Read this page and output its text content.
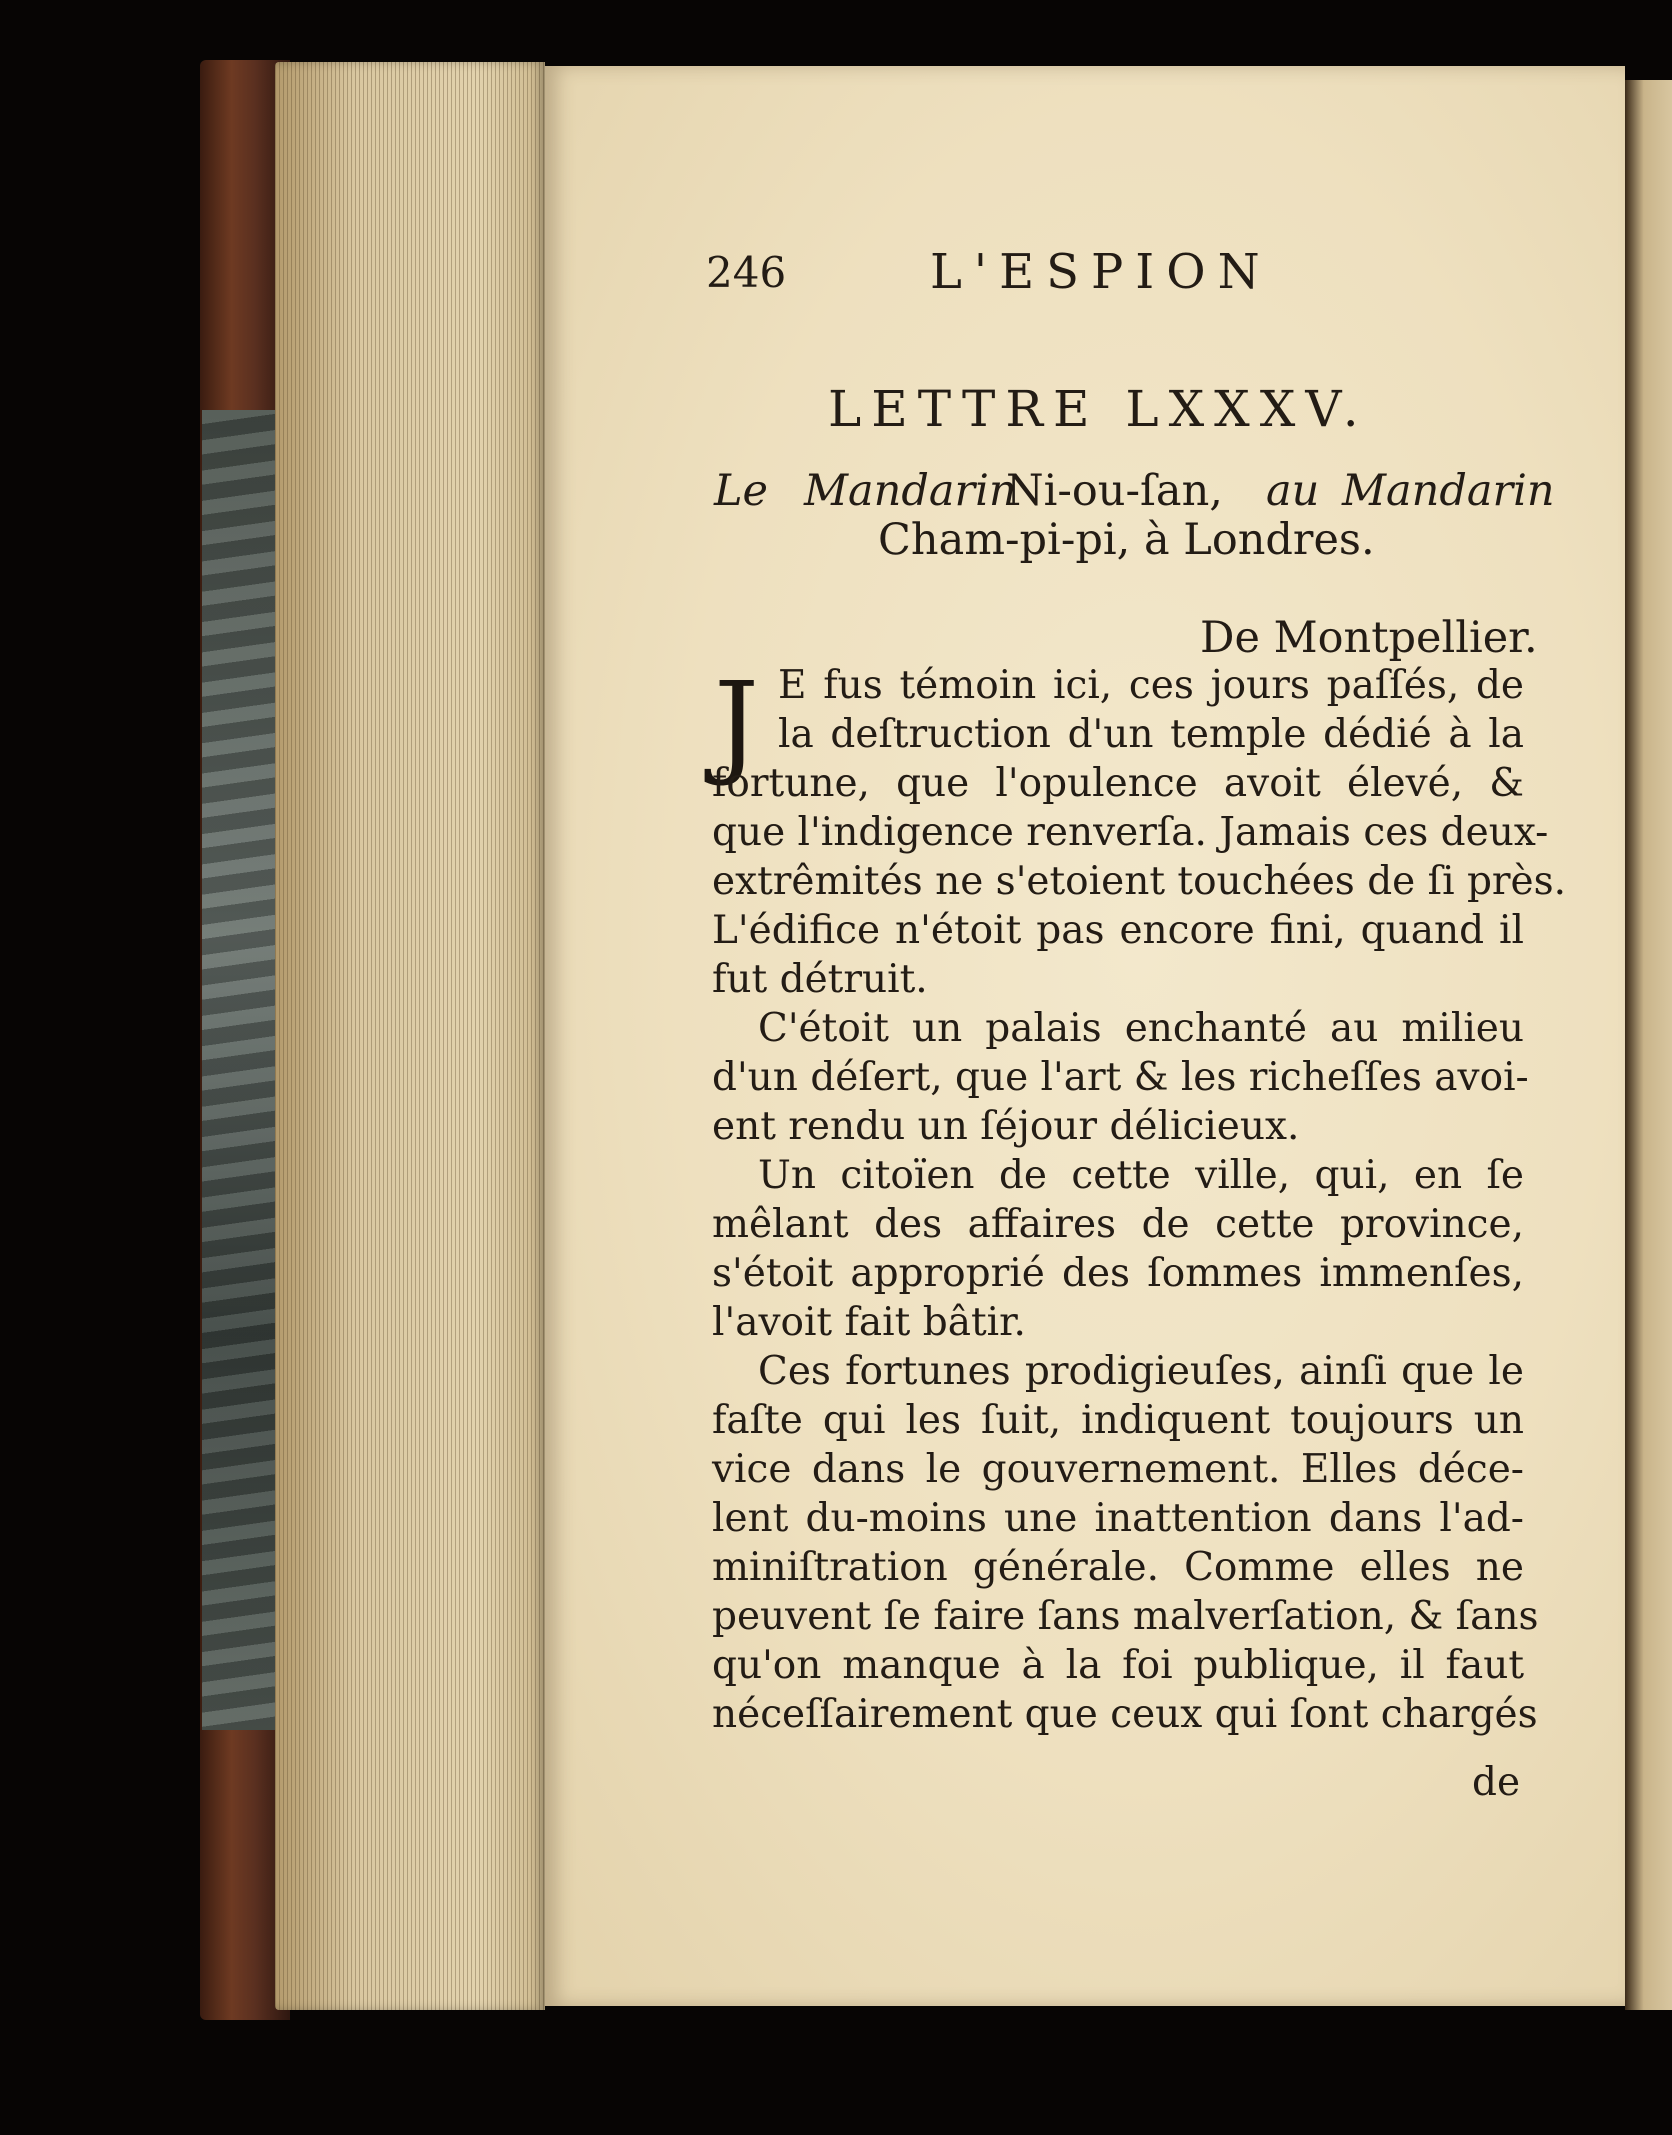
246	L'ESPION
LETTRE LXXXV.
Le Mandarin
Ni-ou-ſan, au Mandarin
Cham-pi-pi, à Londres.
De Montpellier.
J E fus témoin ici, ces jours paſſés, de
la deſtruction d'un temple dédié à la
fortune, que l'opulence avoit élevé, &
que l'indigence renverſa. Jamais ces deux-
extrêmités ne s'etoient touchées de ſi près.
L'édifice n'étoit pas encore fini, quand il
fut détruit.
C'étoit un palais enchanté au milieu
d'un déſert, que l'art & les richeſſes avoi-
ent rendu un ſéjour délicieux.
Un citoïen de cette ville, qui, en ſe
mêlant des affaires de cette province,
s'étoit approprié des ſommes immenſes,
l'avoit fait bâtir.
Ces fortunes prodigieuſes, ainſi que le
faſte qui les ſuit, indiquent toujours un
vice dans le gouvernement. Elles déce-
lent du-moins une inattention dans l'ad-
miniſtration générale. Comme elles ne
peuvent ſe faire ſans malverſation, & ſans
qu'on manque à la foi publique, il faut
néceſſairement que ceux qui ſont chargés
de
